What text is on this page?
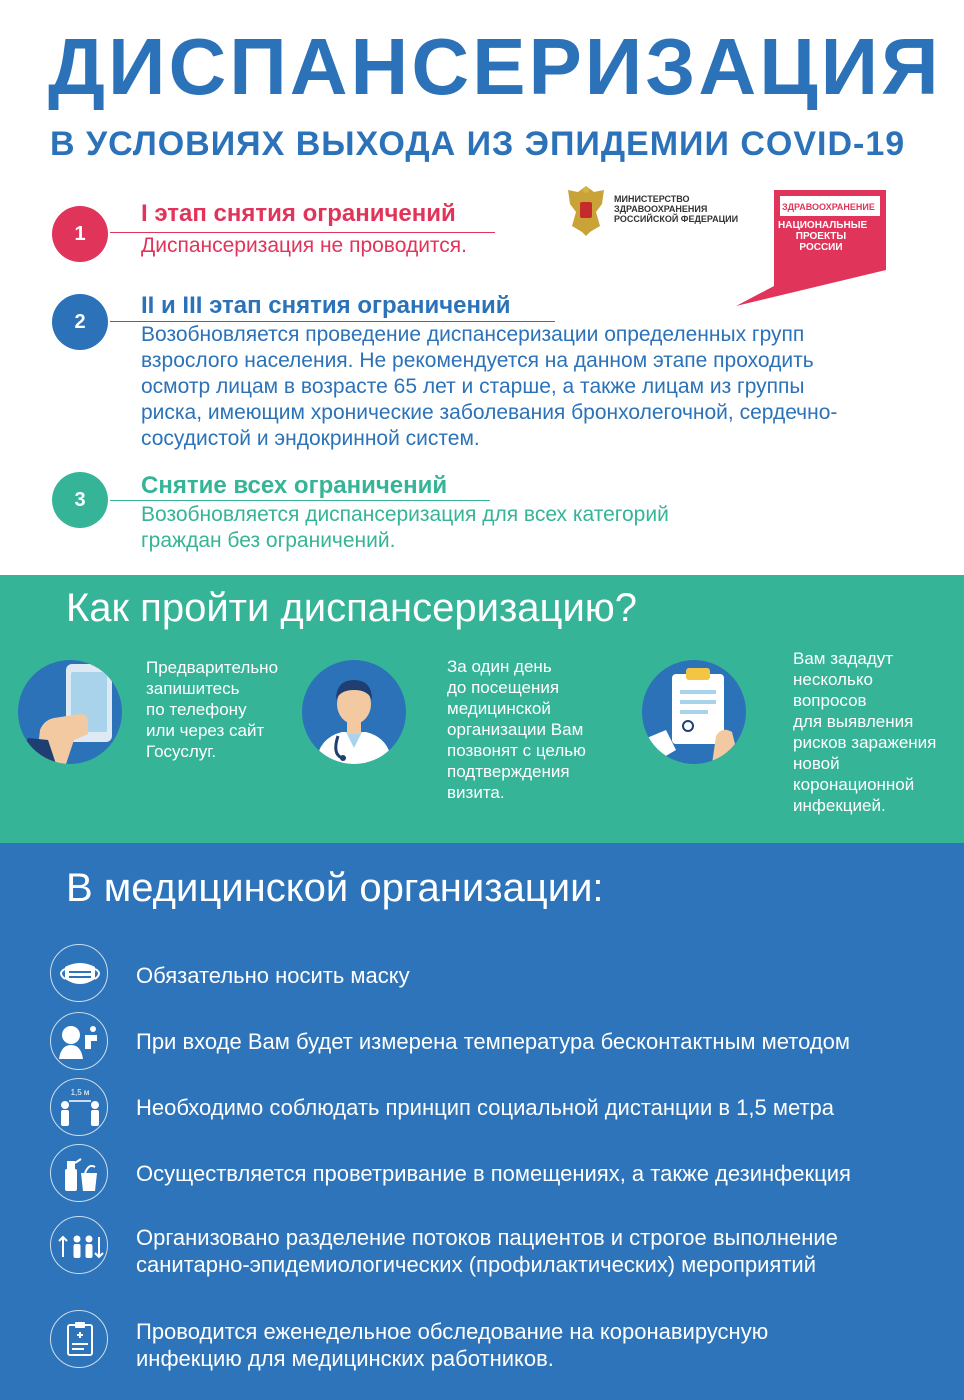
ДИСПАНСЕРИЗАЦИЯ
В УСЛОВИЯХ ВЫХОДА ИЗ ЭПИДЕМИИ COVID-19
МИНИСТЕРСТВО
ЗДРАВООХРАНЕНИЯ
РОССИЙСКОЙ ФЕДЕРАЦИИ
ЗДРАВООХРАНЕНИЕ
НАЦИОНАЛЬНЫЕ
ПРОЕКТЫ
РОССИИ
1
I этап снятия ограничений
Диспансеризация не проводится.
2
II и III этап снятия ограничений
Возобновляется проведение диспансеризации определенных групп
взрослого населения. Не рекомендуется на данном этапе проходить
осмотр лицам в возрасте 65 лет и старше, а также лицам из группы
риска, имеющим хронические заболевания бронхолегочной, сердечно-
сосудистой и эндокринной систем.
3
Снятие всех ограничений
Возобновляется диспансеризация для всех категорий
граждан без ограничений.
Как пройти диспансеризацию?
Предварительно
запишитесь
по телефону
или через сайт
Госуслуг.
За один день
до посещения
медицинской
организации Вам
позвонят с целью
подтверждения
визита.
Вам зададут
несколько
вопросов
для выявления
рисков заражения
новой
коронационной
инфекцией.
В медицинской организации:
Обязательно носить маску
При входе Вам будет измерена температура бесконтактным методом
1,5 м
Необходимо соблюдать принцип социальной дистанции в 1,5 метра
Осуществляется проветривание в помещениях, а также дезинфекция
Организовано разделение потоков пациентов и строгое выполнение
санитарно-эпидемиологических (профилактических) мероприятий
Проводится еженедельное обследование на коронавирусную
инфекцию для медицинских работников.
